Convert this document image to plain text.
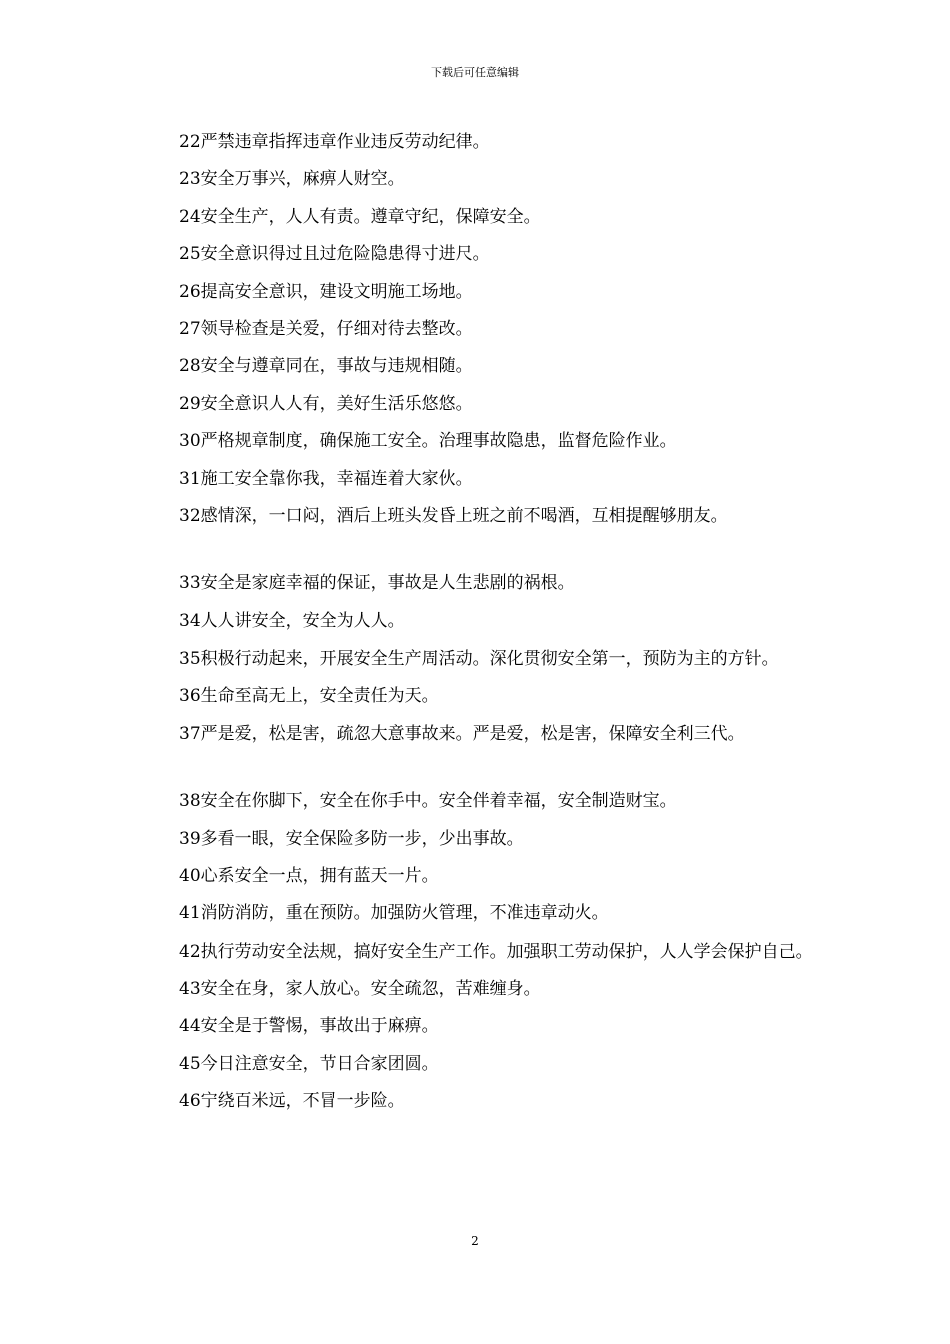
下载后可任意编辑

22严禁违章指挥违章作业违反劳动纪律。

23安全万事兴，麻痹人财空。

24安全生产，人人有责。遵章守纪，保障安全。

25安全意识得过且过危险隐患得寸进尺。

26提高安全意识，建设文明施工场地。

27领导检查是关爱，仔细对待去整改。

28安全与遵章同在，事故与违规相随。

29安全意识人人有，美好生活乐悠悠。

30严格规章制度，确保施工安全。治理事故隐患，监督危险作业。

31施工安全靠你我，幸福连着大家伙。

32感情深，一口闷，酒后上班头发昏上班之前不喝酒，互相提醒够朋友。

33安全是家庭幸福的保证，事故是人生悲剧的祸根。

34人人讲安全，安全为人人。

35积极行动起来，开展安全生产周活动。深化贯彻安全第一，预防为主的方针。

36生命至高无上，安全责任为天。

37严是爱，松是害，疏忽大意事故来。严是爱，松是害，保障安全利三代。

38安全在你脚下，安全在你手中。安全伴着幸福，安全制造财宝。

39多看一眼，安全保险多防一步，少出事故。

40心系安全一点，拥有蓝天一片。

41消防消防，重在预防。加强防火管理，不准违章动火。

42执行劳动安全法规，搞好安全生产工作。加强职工劳动保护，人人学会保护自己。

43安全在身，家人放心。安全疏忽，苦难缠身。

44安全是于警惕，事故出于麻痹。

45今日注意安全，节日合家团圆。

46宁绕百米远，不冒一步险。

2
